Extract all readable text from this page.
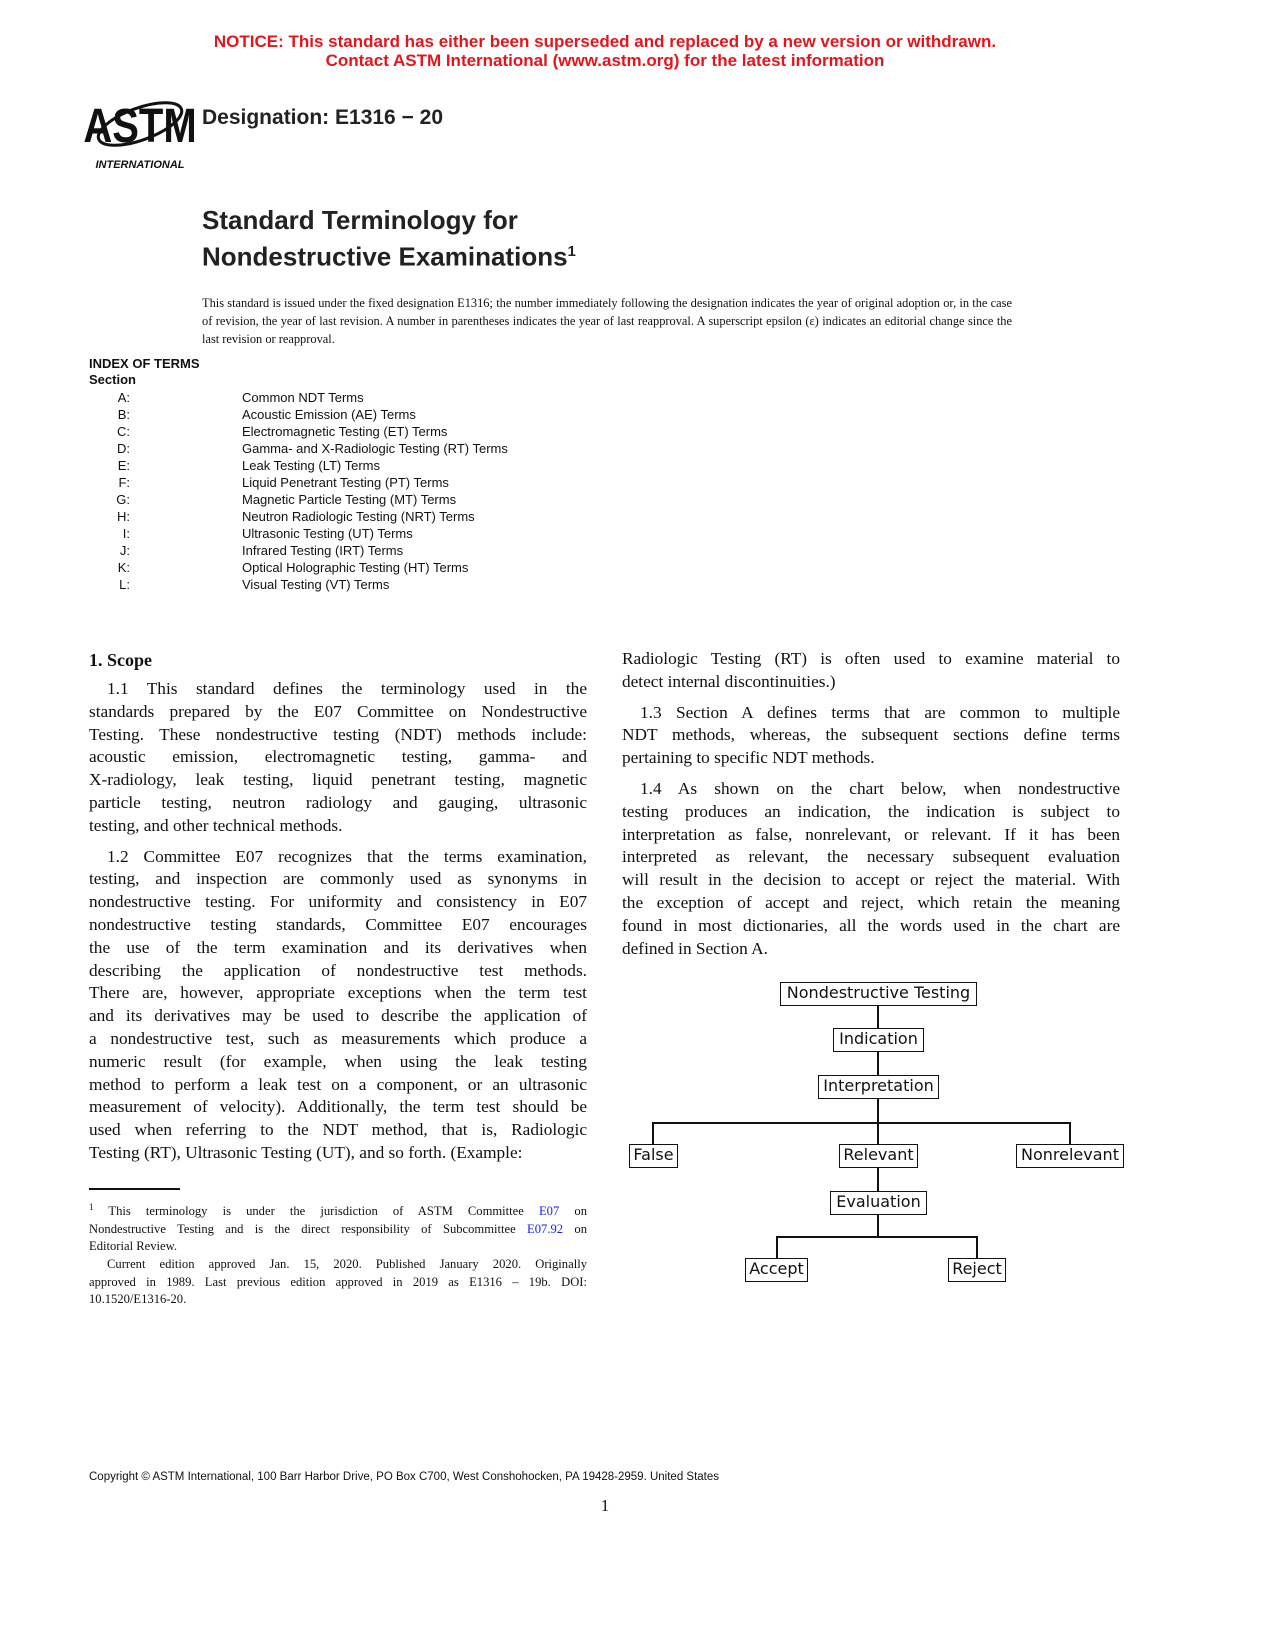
NOTICE: This standard has either been superseded and replaced by a new version or withdrawn.
Contact ASTM International (www.astm.org) for the latest information
ASTM
INTERNATIONAL
Designation: E1316 − 20
Standard Terminology for
Nondestructive Examinations$^1$
This standard is issued under the fixed designation E1316; the number immediately following the designation indicates the year of original adoption or, in the case of revision, the year of last revision. A number in parentheses indicates the year of last reapproval. A superscript epsilon (ε) indicates an editorial change since the last revision or reapproval.
INDEX OF TERMS
Section
A:	Common NDT Terms
B:	Acoustic Emission (AE) Terms
C:	Electromagnetic Testing (ET) Terms
D:	Gamma- and X-Radiologic Testing (RT) Terms
E:	Leak Testing (LT) Terms
F:	Liquid Penetrant Testing (PT) Terms
G:	Magnetic Particle Testing (MT) Terms
H:	Neutron Radiologic Testing (NRT) Terms
I:	Ultrasonic Testing (UT) Terms
J:	Infrared Testing (IRT) Terms
K:	Optical Holographic Testing (HT) Terms
L:	Visual Testing (VT) Terms
1. Scope
1.1 This standard defines the terminology used in the
standards prepared by the E07 Committee on Nondestructive
Testing. These nondestructive testing (NDT) methods include:
acoustic emission, electromagnetic testing, gamma- and
X-radiology, leak testing, liquid penetrant testing, magnetic
particle testing, neutron radiology and gauging, ultrasonic
testing, and other technical methods.
1.2 Committee E07 recognizes that the terms examination,
testing, and inspection are commonly used as synonyms in
nondestructive testing. For uniformity and consistency in E07
nondestructive testing standards, Committee E07 encourages
the use of the term examination and its derivatives when
describing the application of nondestructive test methods.
There are, however, appropriate exceptions when the term test
and its derivatives may be used to describe the application of
a nondestructive test, such as measurements which produce a
numeric result (for example, when using the leak testing
method to perform a leak test on a component, or an ultrasonic
measurement of velocity). Additionally, the term test should be
used when referring to the NDT method, that is, Radiologic
Testing (RT), Ultrasonic Testing (UT), and so forth. (Example:
Radiologic Testing (RT) is often used to examine material to
detect internal discontinuities.)
1.3 Section A defines terms that are common to multiple
NDT methods, whereas, the subsequent sections define terms
pertaining to specific NDT methods.
1.4 As shown on the chart below, when nondestructive
testing produces an indication, the indication is subject to
interpretation as false, nonrelevant, or relevant. If it has been
interpreted as relevant, the necessary subsequent evaluation
will result in the decision to accept or reject the material. With
the exception of accept and reject, which retain the meaning
found in most dictionaries, all the words used in the chart are
defined in Section A.
Nondestructive Testing
Indication
Interpretation
False	Relevant	Nonrelevant
Evaluation
Accept	Reject
$^1$ This terminology is under the jurisdiction of ASTM Committee E07 on
Nondestructive Testing and is the direct responsibility of Subcommittee E07.92 on
Editorial Review.
Current edition approved Jan. 15, 2020. Published January 2020. Originally
approved in 1989. Last previous edition approved in 2019 as E1316 – 19b. DOI:
10.1520/E1316-20.
Copyright © ASTM International, 100 Barr Harbor Drive, PO Box C700, West Conshohocken, PA 19428-2959. United States
1
